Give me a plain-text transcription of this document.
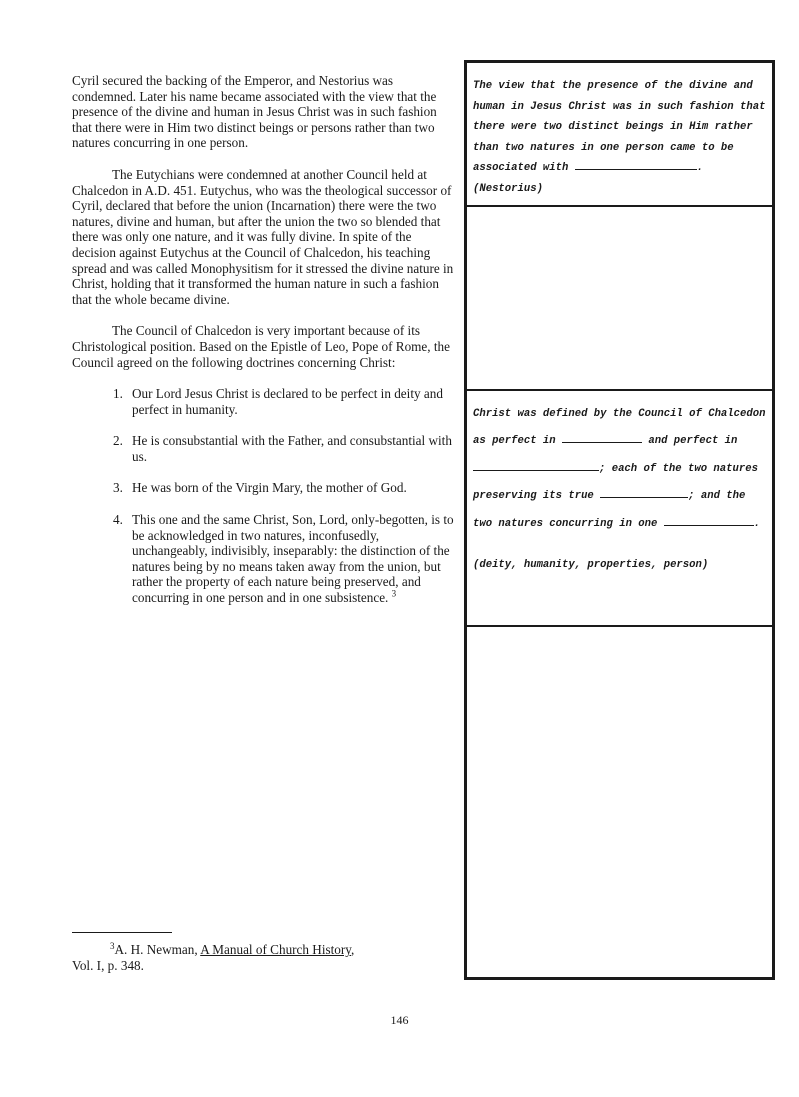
Cyril secured the backing of the Emperor, and Nestorius was condemned. Later his name became associated with the view that the presence of the divine and human in Jesus Christ was in such fashion that there were in Him two distinct beings or persons rather than two natures concurring in one person.

The Eutychians were condemned at another Council held at Chalcedon in A.D. 451. Eutychus, who was the theological successor of Cyril, declared that before the union (Incarnation) there were the two natures, divine and human, but after the union the two so blended that there was only one nature, and it was fully divine. In spite of the decision against Eutychus at the Council of Chalcedon, his teaching spread and was called Monophysitism for it stressed the divine nature in Christ, holding that it transformed the human nature in such a fashion that the whole became divine.

The Council of Chalcedon is very important because of its Christological position. Based on the Epistle of Leo, Pope of Rome, the Council agreed on the following doctrines concerning Christ:

1. Our Lord Jesus Christ is declared to be perfect in deity and perfect in humanity.
2. He is consubstantial with the Father, and consubstantial with us.
3. He was born of the Virgin Mary, the mother of God.
4. This one and the same Christ, Son, Lord, only-begotten, is to be acknowledged in two natures, inconfusedly, unchangeably, indivisibly, inseparably: the distinction of the natures being by no means taken away from the union, but rather the property of each nature being preserved, and concurring in one person and in one subsistence. $^3$

The view that the presence of the divine and human in Jesus Christ was in such fashion that there were two distinct beings in Him rather than two natures in one person came to be associated with	.

(Nestorius)

Christ was defined by the Council of Chalcedon as perfect in	and perfect in ; each of the two natures preserving its true	; and the two natures concurring in one	.

(deity, humanity, properties, person)

$^3$A. H. Newman, A Manual of Church History,
Vol. I, p. 348.
146
